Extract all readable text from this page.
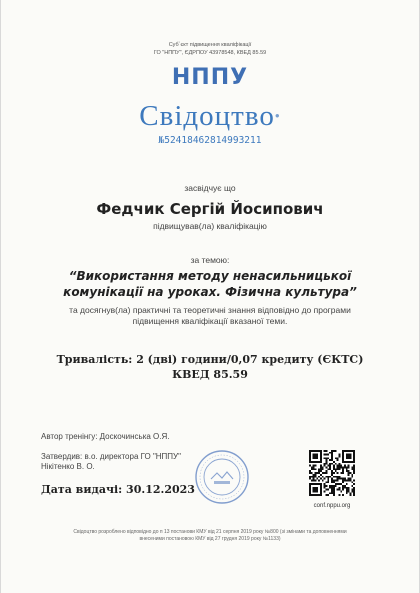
Суб`єкт підвищення кваліфікації
ГО "НППУ", ЄДРПОУ 43978548, КВЕД 85.59
НППУ
Свідоцтво●
№52418462814993211
засвідчує що
Федчик Сергій Йосипович
підвищував(ла) кваліфікацію
за темою:
“Використання методу ненасильницької
комунікації на уроках. Фізична культура”
та досягнув(ла) практичні та теоретичні знання відповідно до програми
підвищення кваліфікації вказаної теми.
Тривалість: 2 (дві) години/0,07 кредиту (ЄКТС)
КВЕД 85.59
Автор тренінгу: Доскочинська О.Я.
Затвердив: в.о. директора ГО "НППУ"
Нікітенко В. О.
Дата видачі: 30.12.2023
conf.nppu.org
Свідоцтво розроблено відповідно до п 13 постанови КМУ від 21 серпня 2019 року №800 (зі змінами та доповненнями
внесеними постановою КМУ від 27 грудня 2019 року №1133)
